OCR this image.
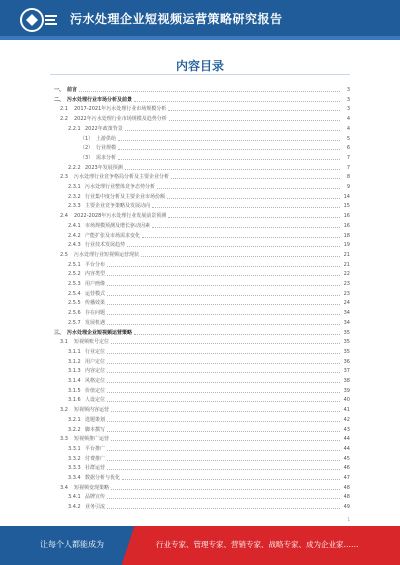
污水处理企业短视频运营策略研究报告
内容目录
一、 前言	3
二、 污水处理行业市场分析及前景	3
2.1 2017-2021年污水处理行业市场规模分析	3
2.2 2022年污水处理行业市场规模及趋势分析	4
2.2.1 2022年政策背景	4
（1） 上游供给	5
（2） 行业规模	6
（3） 需求分析	7
2.2.2 2023年发展预测	7
2.3 污水处理行业竞争格局分析及主要企业分析	8
2.3.1 污水处理行业整体竞争态势分析	9
2.3.2 行业集中度分析及主要企业市场份额	14
2.3.3 主要企业竞争策略及发展动向	15
2.4 2022-2028年污水处理行业发展前景预测	16
2.4.1 市场规模预测及增长驱动因素	16
2.4.2 产能扩张及市场需求变化	18
2.4.3 行业技术发展趋势	19
2.5 污水处理行业短视频运营现状	21
2.5.1 平台分布	21
2.5.2 内容类型	22
2.5.3 用户画像	23
2.5.4 运营模式	23
2.5.5 传播效果	24
2.5.6 存在问题	34
2.5.7 发展机遇	34
三、 污水处理企业短视频运营策略	35
3.1 短视频账号定位	35
3.1.1 行业定位	35
3.1.2 用户定位	36
3.1.3 内容定位	37
3.1.4 风格定位	38
3.1.5 价值定位	39
3.1.6 人设定位	40
3.2 短视频内容运营	41
3.2.1 选题策划	42
3.2.2 脚本撰写	43
3.3 短视频推广运营	44
3.3.1 平台推广	44
3.3.2 付费推广	45
3.3.3 社群运营	46
3.3.4 数据分析与优化	47
3.4 短视频变现策略	48
3.4.1 品牌宣传	48
3.4.2 业务引流	49
1
让每个人都能成为	行业专家、管理专家、营销专家、战略专家、成为企业家……
